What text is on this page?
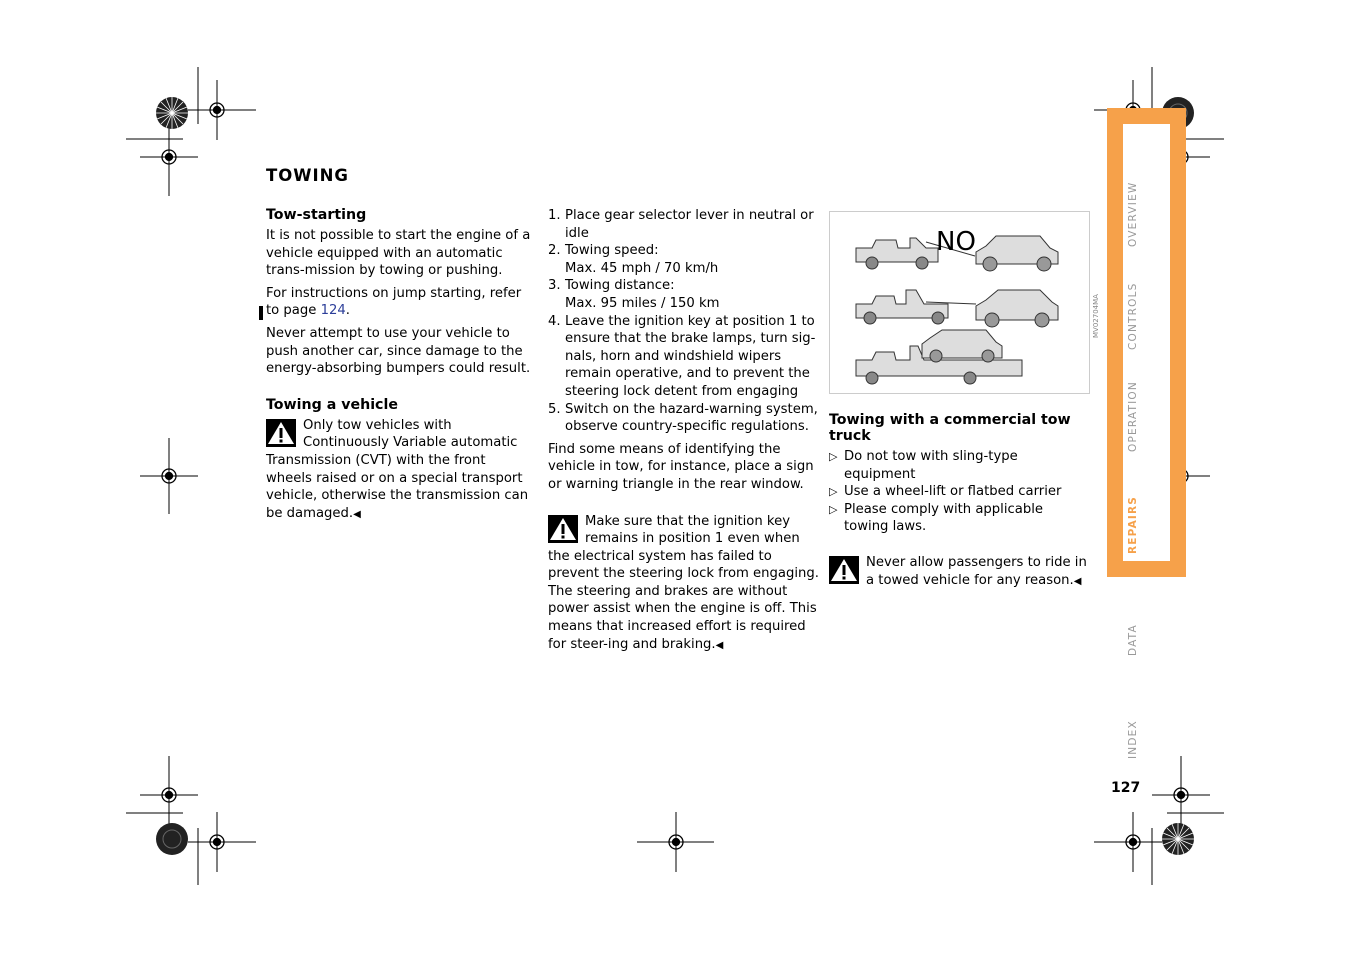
OVERVIEW
CONTROLS
OPERATION
REPAIRS
DATA
INDEX
127
TOWING
Tow-starting

It is not possible to start the engine of a vehicle equipped with an automatic trans-mission by towing or pushing.

For instructions on jump starting, refer to page 124.

Never attempt to use your vehicle to push another car, since damage to the energy-absorbing bumpers could result.

Towing a vehicle
Only tow vehicles with Continuously Variable automatic Transmission (CVT) with the front wheels raised or on a special transport vehicle, otherwise the transmission can be damaged.◀
1. Place gear selector lever in neutral or idle
2. Towing speed:
Max. 45 mph / 70 km/h
3. Towing distance:
Max. 95 miles / 150 km
4. Leave the ignition key at position 1 to ensure that the brake lamps, turn sig-nals, horn and windshield wipers remain operative, and to prevent the steering lock detent from engaging
5. Switch on the hazard-warning system, observe country-specific regulations.

Find some means of identifying the vehicle in tow, for instance, place a sign or warning triangle in the rear window.

Make sure that the ignition key remains in position 1 even when the electrical system has failed to prevent the steering lock from engaging.
The steering and brakes are without power assist when the engine is off. This means that increased effort is required for steer-ing and braking.◀
NO
MV02704MA
Towing with a commercial tow truck
▷ Do not tow with sling-type equipment
▷ Use a wheel-lift or flatbed carrier
▷ Please comply with applicable towing laws.
Never allow passengers to ride in a towed vehicle for any reason.◀
